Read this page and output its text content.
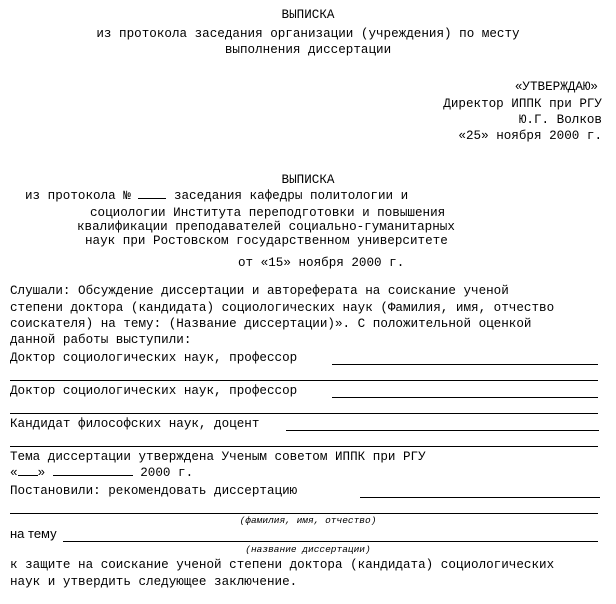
ВЫПИСКА
из протокола заседания организации (учреждения) по месту
выполнения диссертации
«УТВЕРЖДАЮ»
Директор ИППК при РГУ
Ю.Г. Волков
«25» ноября 2000 г.
ВЫПИСКА
из протокола №	заседания кафедры политологии и
социологии Института переподготовки и повышения
квалификации преподавателей социально-гуманитарных
наук при Ростовском государственном университете
от «15» ноября 2000 г.
Слушали: Обсуждение диссертации и автореферата на соискание ученой
степени доктора (кандидата) социологических наук (Фамилия, имя, отчество
соискателя) на тему: (Название диссертации)». С положительной оценкой
данной работы выступили:
Доктор социологических наук, профессор
Доктор социологических наук, профессор
Кандидат философских наук, доцент
Тема диссертации утверждена Ученым советом ИППК при РГУ
« »	2000 г.
Постановили: рекомендовать диссертацию
(фамилия, имя, отчество)
на тему
(название диссертации)
к защите на соискание ученой степени доктора (кандидата) социологических
наук и утвердить следующее заключение.
